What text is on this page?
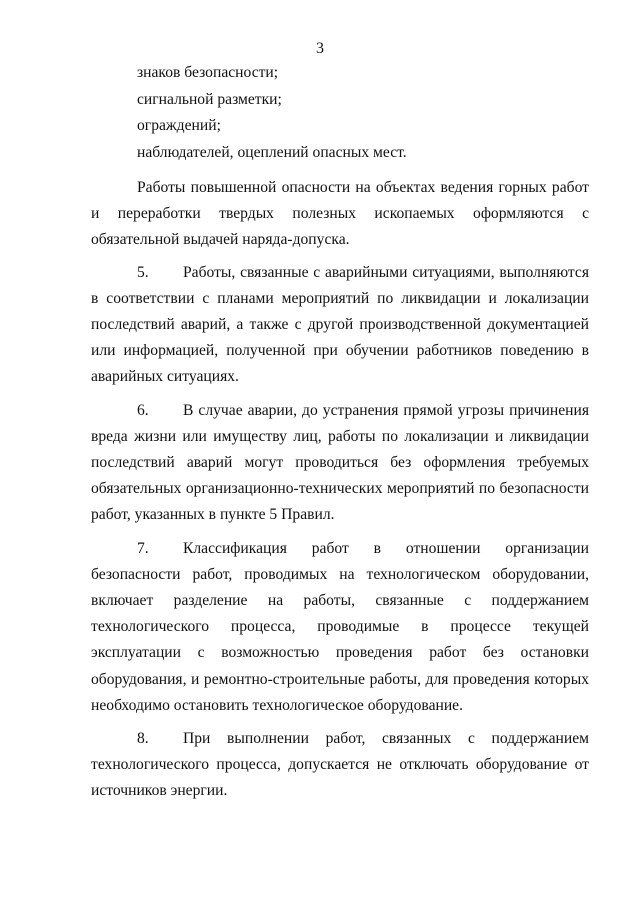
3

знаков безопасности;

сигнальной разметки;

ограждений;

наблюдателей, оцеплений опасных мест.

Работы повышенной опасности на объектах ведения горных работ и переработки твердых полезных ископаемых оформляются с обязательной выдачей наряда-допуска.

5. Работы, связанные с аварийными ситуациями, выполняются в соответствии с планами мероприятий по ликвидации и локализации последствий аварий, а также с другой производственной документацией или информацией, полученной при обучении работников поведению в аварийных ситуациях.

6. В случае аварии, до устранения прямой угрозы причинения вреда жизни или имуществу лиц, работы по локализации и ликвидации последствий аварий могут проводиться без оформления требуемых обязательных организационно-технических мероприятий по безопасности работ, указанных в пункте 5 Правил.

7. Классификация работ в отношении организации безопасности работ, проводимых на технологическом оборудовании, включает разделение на работы, связанные с поддержанием технологического процесса, проводимые в процессе текущей эксплуатации с возможностью проведения работ без остановки оборудования, и ремонтно-строительные работы, для проведения которых необходимо остановить технологическое оборудование.

8. При выполнении работ, связанных с поддержанием технологического процесса, допускается не отключать оборудование от источников энергии.
